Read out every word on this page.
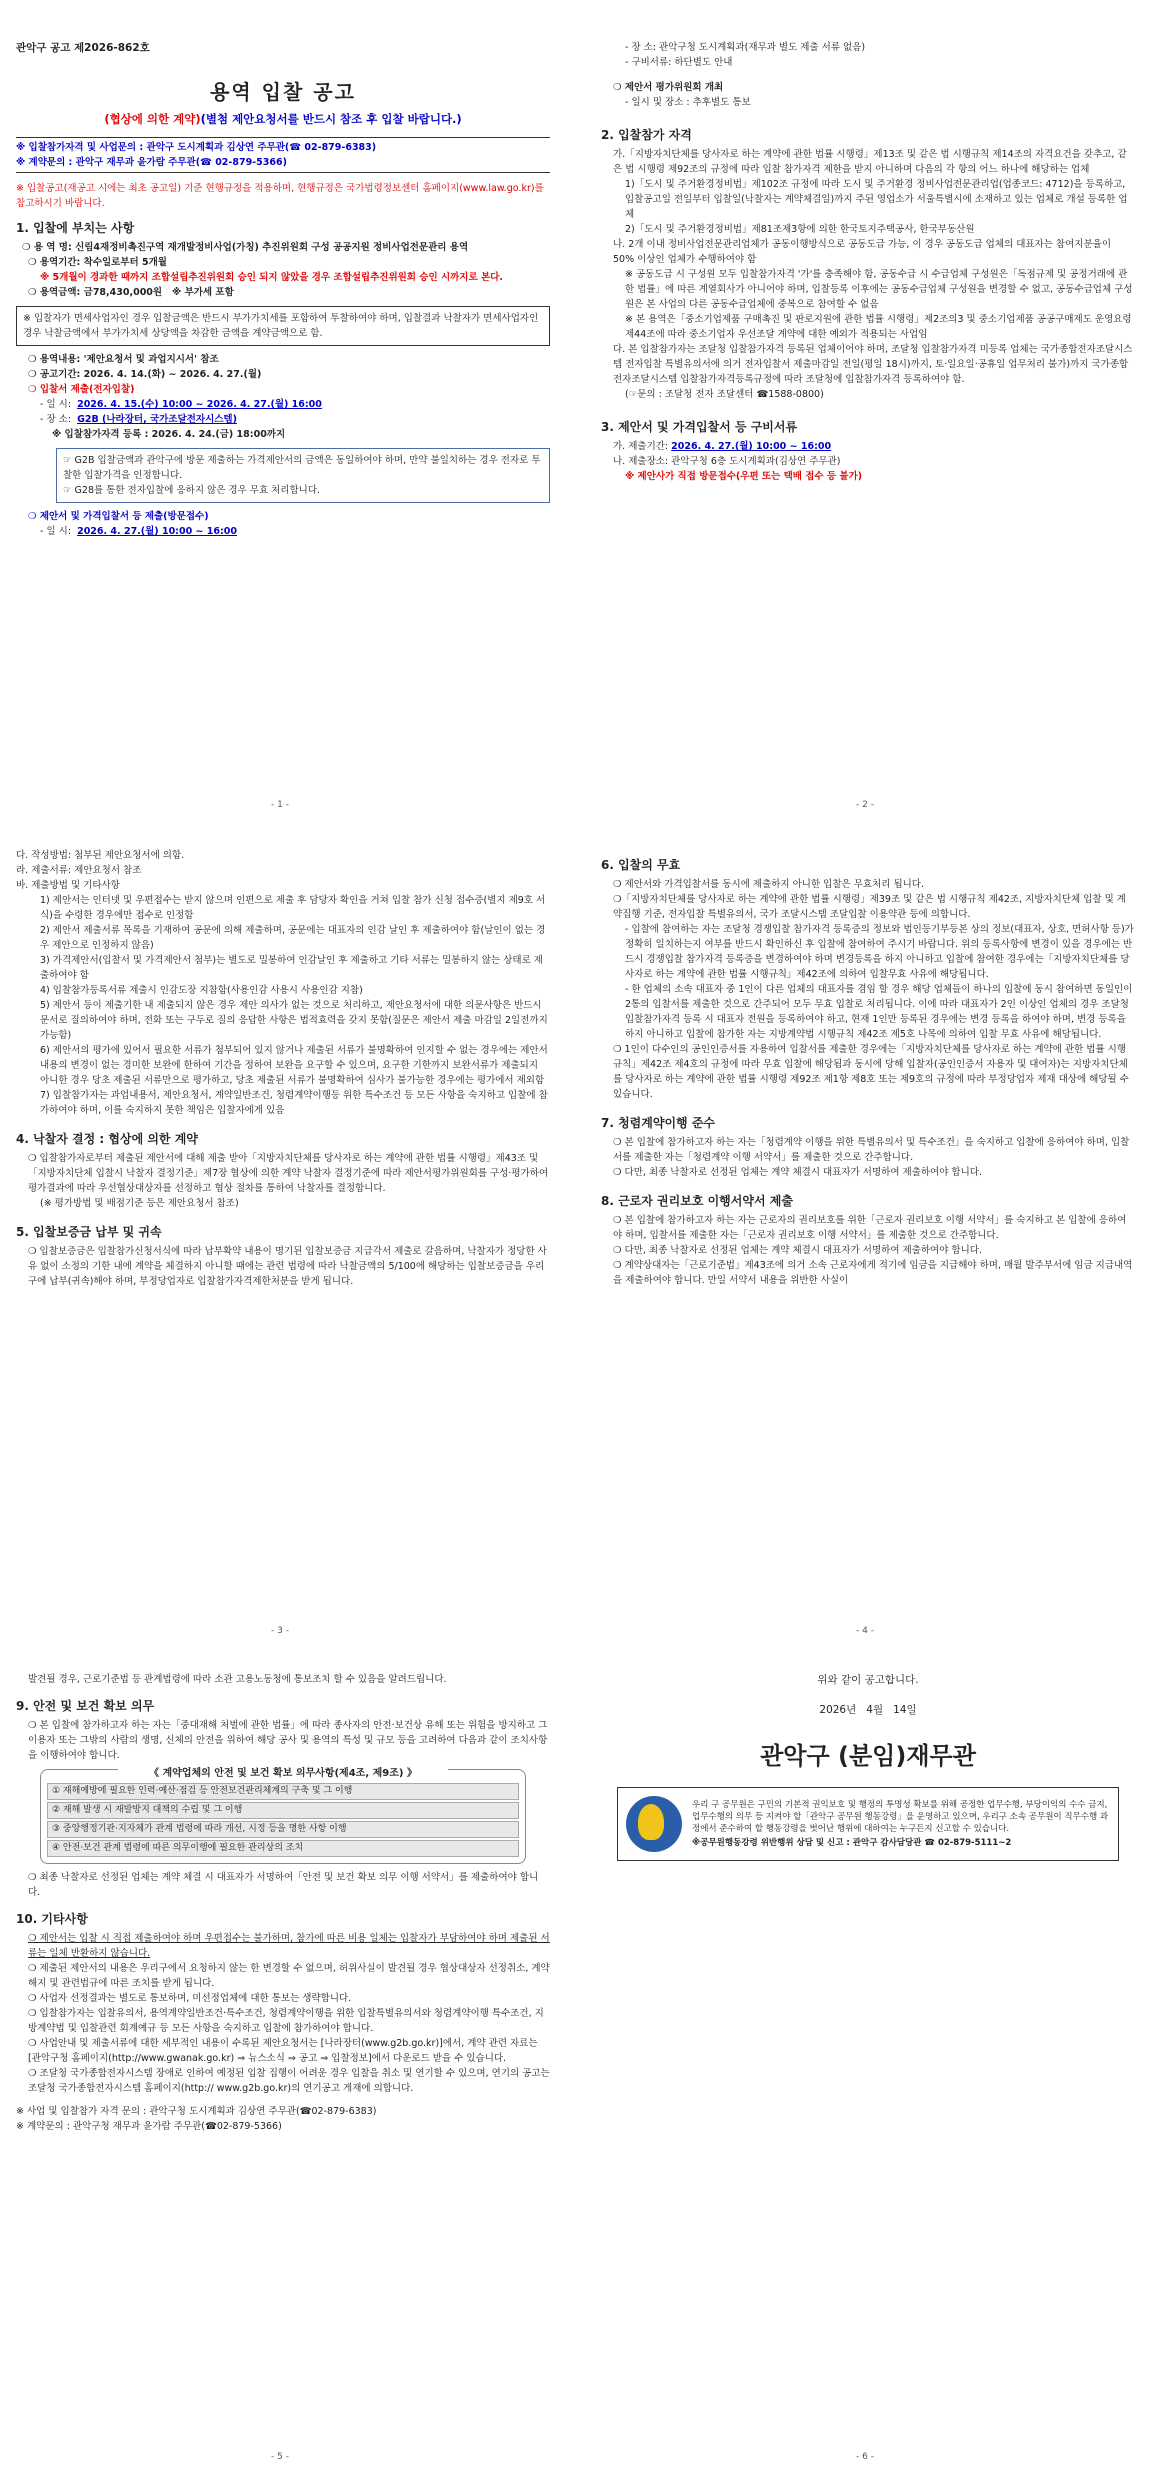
관악구 공고 제2026-862호
용역 입찰 공고
(협상에 의한 계약)(별첨 제안요청서를 반드시 참조 후 입찰 바랍니다.)
※ 입찰참가자격 및 사업문의 : 관악구 도시계획과 김상연 주무관(☎ 02-879-6383)
※ 계약문의 : 관악구 재무과 윤가람 주무관(☎ 02-879-5366)
※ 입찰공고(재공고 시에는 최초 공고일) 기준 현행규정을 적용하며, 현행규정은 국가법령정보센터 홈페이지(www.law.go.kr)를 참고하시기 바랍니다.
1. 입찰에 부치는 사항
❍ 용 역 명: 신림4재정비촉진구역 재개발정비사업(가칭) 추진위원회 구성 공공지원 정비사업전문관리 용역
❍ 용역기간: 착수일로부터 5개월
※ 5개월이 경과한 때까지 조합설립추진위원회 승인 되지 않았을 경우 조합설립추진위원회 승인 시까지로 본다.
❍ 용역금액: 금78,430,000원 ※ 부가세 포함
※ 입찰자가 면세사업자인 경우 입찰금액은 반드시 부가가치세를 포함하여 투찰하여야 하며, 입찰결과 낙찰자가 면세사업자인 경우 낙찰금액에서 부가가치세 상당액을 차감한 금액을 계약금액으로 함.
❍ 용역내용: '제안요청서 및 과업지시서' 참조
❍ 공고기간: 2026. 4. 14.(화) ~ 2026. 4. 27.(월)
❍ 입찰서 제출(전자입찰)
- 일 시: 2026. 4. 15.(수) 10:00 ~ 2026. 4. 27.(월) 16:00
- 장 소: G2B (나라장터, 국가조달전자시스템)
※ 입찰참가자격 등록 : 2026. 4. 24.(금) 18:00까지
☞ G2B 입찰금액과 관악구에 방문 제출하는 가격제안서의 금액은 동일하여야 하며, 만약 불일치하는 경우 전자로 투찰한 입찰가격을 인정합니다.
☞ G28를 통한 전자입찰에 응하지 않은 경우 무효 처리합니다.
❍ 제안서 및 가격입찰서 등 제출(방문접수)
- 일 시: 2026. 4. 27.(월) 10:00 ~ 16:00
- 1 -
- 장 소: 관악구청 도시계획과(재무과 별도 제출 서류 없음)
- 구비서류: 하단별도 안내
❍ 제안서 평가위원회 개최
- 일시 및 장소 : 추후별도 통보
2. 입찰참가 자격
가.「지방자치단체를 당사자로 하는 계약에 관한 법률 시행령」제13조 및 같은 법 시행규칙 제14조의 자격요건을 갖추고, 같은 법 시행령 제92조의 규정에 따라 입찰 참가자격 제한을 받지 아니하며 다음의 각 항의 어느 하나에 해당하는 업체
1)「도시 및 주거환경정비법」제102조 규정에 따라 도시 및 주거환경 정비사업전문관리업(업종코드: 4712)을 등록하고, 입찰공고일 전일부터 입찰일(낙찰자는 계약체결일)까지 주된 영업소가 서울특별시에 소재하고 있는 업체로 개설 등록한 업체
2)「도시 및 주거환경정비법」제81조제3항에 의한 한국토지주택공사, 한국부동산원
나. 2개 이내 정비사업전문관리업체가 공동이행방식으로 공동도급 가능, 이 경우 공동도급 업체의 대표자는 참여지분율이 50% 이상인 업체가 수행하여야 함
※ 공동도급 시 구성원 모두 입찰참가자격 '가'를 충족해야 함, 공동수급 시 수급업체 구성원은「독점규제 및 공정거래에 관한 법률」에 따른 계열회사가 아니어야 하며, 입찰등록 이후에는 공동수급업체 구성원을 변경할 수 없고, 공동수급업체 구성원은 본 사업의 다른 공동수급업체에 중복으로 참여할 수 없음
※ 본 용역은「중소기업제품 구매촉진 및 판로지원에 관한 법률 시행령」제2조의3 및 중소기업제품 공공구매제도 운영요령 제44조에 따라 중소기업자 우선조달 계약에 대한 예외가 적용되는 사업임
다. 본 입찰참가자는 조달청 입찰참가자격 등록된 업체이어야 하며, 조달청 입찰참가자격 미등록 업체는 국가종합전자조달시스템 전자입찰 특별유의서에 의거 전자입찰서 제출마감일 전일(평일 18시)까지, 토·일요일·공휴일 업무처리 불가)까지 국가종합전자조달시스템 입찰참가자격등록규정에 따라 조달청에 입찰참가자격 등록하여야 함.
(☞문의 : 조달청 전자 조달센터 ☎1588-0800)
3. 제안서 및 가격입찰서 등 구비서류
가. 제출기간: 2026. 4. 27.(월) 10:00 ~ 16:00
나. 제출장소: 관악구청 6층 도시계획과(김상연 주무관)
※ 제안사가 직접 방문접수(우편 또는 택배 접수 등 불가)
- 2 -
다. 작성방법: 첨부된 제안요청서에 의함.
라. 제출서류: 제안요청서 참조
바. 제출방법 및 기타사항
1) 제안서는 인터넷 및 우편접수는 받지 않으며 인편으로 제출 후 담당자 확인을 거쳐 입찰 참가 신청 접수증(별지 제9호 서식)을 수령한 경우에만 접수로 인정함
2) 제안서 제출서류 목록을 기재하여 공문에 의해 제출하며, 공문에는 대표자의 인감 날인 후 제출하여야 함(날인이 없는 경우 제안으로 인정하지 않음)
3) 가격제안서(입찰서 및 가격제안서 첨부)는 별도로 밀봉하여 인감날인 후 제출하고 기타 서류는 밀봉하지 않는 상태로 제출하여야 함
4) 입찰참가등록서류 제출시 인감도장 지참함(사용인감 사용시 사용인감 지참)
5) 제안서 등이 제출기한 내 제출되지 않은 경우 제안 의사가 없는 것으로 처리하고, 제안요청서에 대한 의문사항은 반드시 문서로 질의하여야 하며, 전화 또는 구두로 질의 응답한 사항은 법적효력을 갖지 못함(질문은 제안서 제출 마감일 2일전까지 가능함)
6) 제안서의 평가에 있어서 필요한 서류가 첨부되어 있지 않거나 제출된 서류가 불명확하여 인지할 수 없는 경우에는 제안서 내용의 변경이 없는 경미한 보완에 한하여 기간을 정하여 보완을 요구할 수 있으며, 요구한 기한까지 보완서류가 제출되지 아니한 경우 당초 제출된 서류만으로 평가하고, 당초 제출된 서류가 불명확하여 심사가 불가능한 경우에는 평가에서 제외함
7) 입찰참가자는 과업내용서, 제안요청서, 계약일반조건, 청렴계약이행등 위한 특수조건 등 모든 사항을 숙지하고 입찰에 참가하여야 하며, 이를 숙지하지 못한 책임은 입찰자에게 있음
4. 낙찰자 결정 : 협상에 의한 계약
❍ 입찰참가자로부터 제출된 제안서에 대해 제출 받아「지방자치단체를 당사자로 하는 계약에 관한 법률 시행령」제43조 및「지방자치단체 입찰시 낙찰자 결정기준」제7장 협상에 의한 계약 낙찰자 결정기준에 따라 제안서평가위원회를 구성·평가하여 평가결과에 따라 우선협상대상자를 선정하고 협상 절차를 통하여 낙찰자를 결정합니다.
(※ 평가방법 및 배점기준 등은 제안요청서 참조)
5. 입찰보증금 납부 및 귀속
❍ 입찰보증금은 입찰참가신청서식에 따라 납부확약 내용이 명기된 입찰보증금 지급각서 제출로 갈음하며, 낙찰자가 정당한 사유 없이 소정의 기한 내에 계약을 체결하지 아니할 때에는 관련 법령에 따라 낙찰금액의 5/100에 해당하는 입찰보증금을 우리 구에 납부(귀속)해야 하며, 부정당업자로 입찰참가자격제한처분을 받게 됩니다.
- 3 -
6. 입찰의 무효
❍ 제안서와 가격입찰서를 동시에 제출하지 아니한 입찰은 무효처리 됩니다.
❍「지방자치단체를 당사자로 하는 계약에 관한 법률 시행령」제39조 및 같은 법 시행규칙 제42조, 지방자치단체 입찰 및 계약집행 기준, 전자입찰 특별유의서, 국가 조달시스템 조달입찰 이용약관 등에 의합니다.
- 입찰에 참여하는 자는 조달청 경쟁입찰 참가자격 등록증의 정보와 법인등기부등본 상의 정보(대표자, 상호, 면허사항 등)가 정확히 일치하는지 여부를 반드시 확인하신 후 입찰에 참여하여 주시기 바랍니다. 위의 등록사항에 변경이 있을 경우에는 반드시 경쟁입찰 참가자격 등록증을 변경하여야 하며 변경등록을 하지 아니하고 입찰에 참여한 경우에는「지방자치단체를 당사자로 하는 계약에 관한 법률 시행규칙」제42조에 의하여 입찰무효 사유에 해당됩니다.
- 한 업체의 소속 대표자 중 1인이 다른 업체의 대표자를 겸임 할 경우 해당 업체들이 하나의 입찰에 동시 참여하면 동일인이 2통의 입찰서를 제출한 것으로 간주되어 모두 무효 입찰로 처리됩니다. 이에 따라 대표자가 2인 이상인 업체의 경우 조달청 입찰참가자격 등록 시 대표자 전원을 등록하여야 하고, 현재 1인만 등록된 경우에는 변경 등록을 하여야 하며, 변경 등록을 하지 아니하고 입찰에 참가한 자는 지방계약법 시행규칙 제42조 제5호 나목에 의하여 입찰 무효 사유에 해당됩니다.
❍ 1인이 다수인의 공인인증서를 자용하여 입찰서를 제출한 경우에는「지방자치단체를 당사자로 하는 계약에 관한 법률 시행규칙」제42조 제4호의 규정에 따라 무효 입찰에 해당됨과 동시에 당해 입찰자(공인인증서 자용자 및 대여자)는 지방자치단체를 당사자로 하는 계약에 관한 법률 시행령 제92조 제1항 제8호 또는 제9호의 규정에 따라 부정당업자 제재 대상에 해당될 수 있습니다.
7. 청렴계약이행 준수
❍ 본 입찰에 참가하고자 하는 자는「청렴계약 이행을 위한 특별유의서 및 특수조건」을 숙지하고 입찰에 응하여야 하며, 입찰서를 제출한 자는「청렴계약 이행 서약서」를 제출한 것으로 간주합니다.
❍ 다만, 최종 낙찰자로 선정된 업체는 계약 체결시 대표자가 서명하여 제출하여야 합니다.
8. 근로자 권리보호 이행서약서 제출
❍ 본 입찰에 참가하고자 하는 자는 근로자의 권리보호를 위한「근로자 권리보호 이행 서약서」를 숙지하고 본 입찰에 응하여야 하며, 입찰서를 제출한 자는「근로자 권리보호 이행 서약서」를 제출한 것으로 간주합니다.
❍ 다만, 최종 낙찰자로 선정된 업체는 계약 체결시 대표자가 서명하여 제출하여야 합니다.
❍ 계약상대자는「근로기준법」제43조에 의거 소속 근로자에게 적기에 임금을 지급해야 하며, 매월 발주부서에 임금 지급내역을 제출하여야 합니다. 만일 서약서 내용을 위반한 사실이
- 4 -
발견될 경우, 근로기준법 등 관계법령에 따라 소관 고용노동청에 통보조치 할 수 있음을 알려드립니다.
9. 안전 및 보건 확보 의무
❍ 본 입찰에 참가하고자 하는 자는「중대재해 처벌에 관한 법률」에 따라 종사자의 안전·보건상 유해 또는 위험을 방지하고 그 이용자 또는 그밖의 사람의 생명, 신체의 안전을 위하여 해당 공사 및 용역의 특성 및 규모 등을 고려하여 다음과 같이 조치사항을 이행하여야 합니다.
《 계약업체의 안전 및 보건 확보 의무사항(제4조, 제9조) 》
① 재해예방에 필요한 인력·예산·점검 등 안전보건관리체계의 구축 및 그 이행
② 재해 발생 시 재발방지 대책의 수립 및 그 이행
③ 중앙행정기관·지자체가 관계 법령에 따라 개선, 시정 등을 명한 사항 이행
④ 안전·보건 관계 법령에 따른 의무이행에 필요한 관리상의 조치
❍ 최종 낙찰자로 선정된 업체는 계약 체결 시 대표자가 서명하여「안전 및 보건 확보 의무 이행 서약서」를 제출하여야 합니다.
10. 기타사항
❍ 제안서는 입찰 시 직접 제출하여야 하며 우편접수는 불가하며, 참가에 따른 비용 일체는 입찰자가 부담하여야 하며 제출된 서류는 일체 반환하지 않습니다.
❍ 제출된 제안서의 내용은 우리구에서 요청하지 않는 한 변경할 수 없으며, 허위사실이 발견될 경우 협상대상자 선정취소, 계약해지 및 관련법규에 따른 조치를 받게 됩니다.
❍ 사업자 선정결과는 별도로 통보하며, 미선정업체에 대한 통보는 생략합니다.
❍ 입찰참가자는 입찰유의서, 용역계약일반조건·특수조건, 청렴계약이행을 위한 입찰특별유의서와 청렴계약이행 특수조건, 지방계약법 및 입찰관련 회계예규 등 모든 사항을 숙지하고 입찰에 참가하여야 합니다.
❍ 사업안내 및 제출서류에 대한 세부적인 내용이 수록된 제안요청서는 [나라장터(www.g2b.go.kr)]에서, 계약 관련 자료는 [관악구청 홈페이지(http://www.gwanak.go.kr) ⇒ 뉴스소식 ⇒ 공고 ⇒ 입찰정보]에서 다운로드 받을 수 있습니다.
❍ 조달청 국가종합전자시스템 장애로 인하여 예정된 입찰 집행이 어려운 경우 입찰을 취소 및 연기할 수 있으며, 연기의 공고는 조달청 국가종합전자시스템 홈페이지(http:// www.g2b.go.kr)의 연기공고 게재에 의합니다.
※ 사업 및 입찰참가 자격 문의 : 관악구청 도시계획과 김상연 주무관(☎02-879-6383)
※ 계약문의 : 관악구청 재무과 윤가람 주무관(☎02-879-5366)
- 5 -
위와 같이 공고합니다.
2026년   4월   14일
관악구 (분임)재무관
우리 구 공무원은 구민의 기본적 권익보호 및 행정의 투명성 확보를 위해 공정한 업무수행, 부당이익의 수수 금지, 업무수행의 의무 등 지켜야 할「관악구 공무원 행동강령」을 운영하고 있으며, 우리구 소속 공무원이 직무수행 과정에서 준수하여 할 행동강령을 벗어난 행위에 대하여는 누구든지 신고할 수 있습니다.
※공무원행동강령 위반행위 상담 및 신고 : 관악구 감사담당관 ☎ 02-879-5111~2
- 6 -
